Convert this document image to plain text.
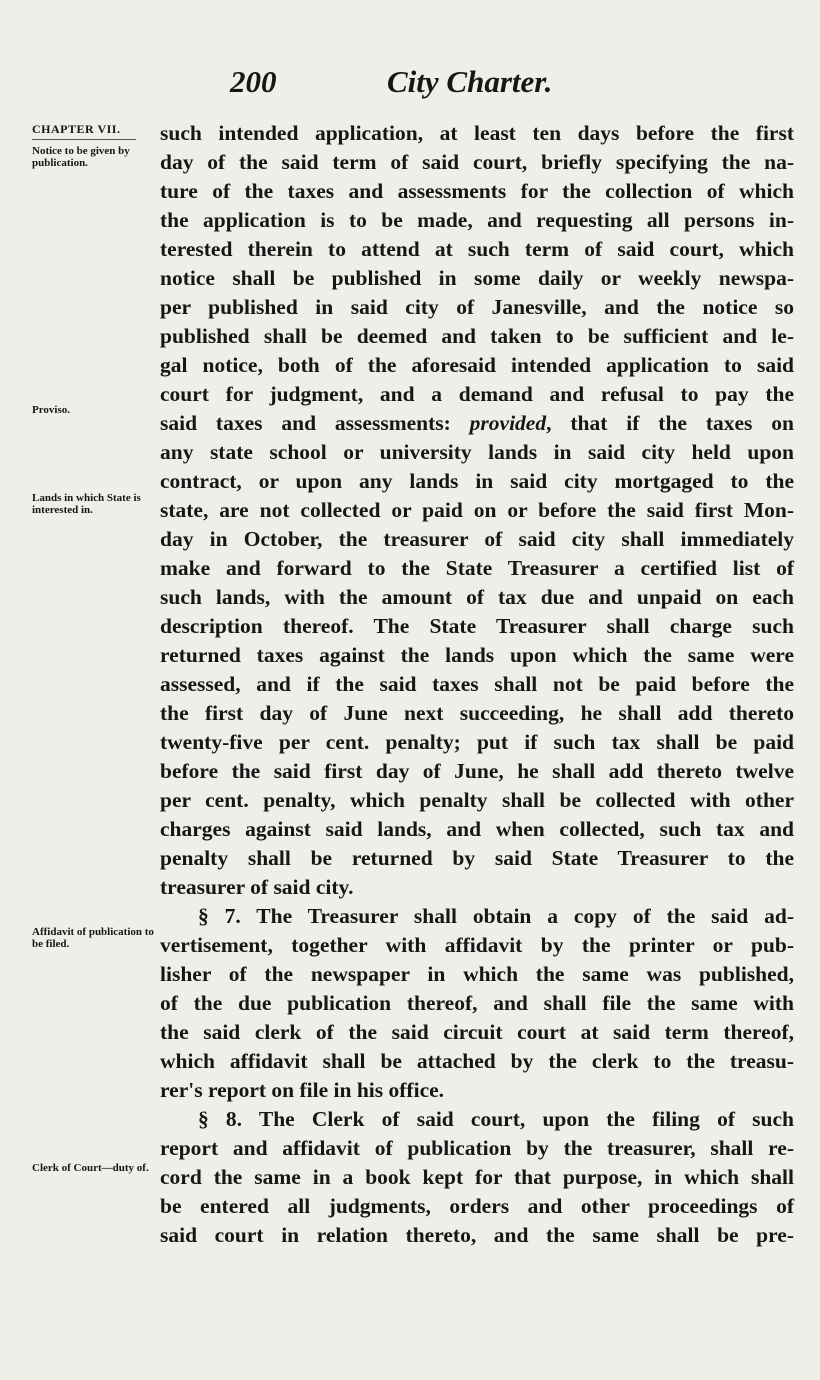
200	City Charter.
CHAPTER VII.
Notice to be given by publication.
Proviso.
Lands in which State is interested in.
Affidavit of publication to be filed.
Clerk of Court—duty of.
such intended application, at least ten days before the first
day of the said term of said court, briefly specifying the na-
ture of the taxes and assessments for the collection of which
the application is to be made, and requesting all persons in-
terested therein to attend at such term of said court, which
notice shall be published in some daily or weekly newspa-
per published in said city of Janesville, and the notice so
published shall be deemed and taken to be sufficient and le-
gal notice, both of the aforesaid intended application to said
court for judgment, and a demand and refusal to pay the
said taxes and assessments: provided, that if the taxes on
any state school or university lands in said city held upon
contract, or upon any lands in said city mortgaged to the
state, are not collected or paid on or before the said first Mon-
day in October, the treasurer of said city shall immediately
make and forward to the State Treasurer a certified list of
such lands, with the amount of tax due and unpaid on each
description thereof. The State Treasurer shall charge such
returned taxes against the lands upon which the same were
assessed, and if the said taxes shall not be paid before the
the first day of June next succeeding, he shall add thereto
twenty-five per cent. penalty; put if such tax shall be paid
before the said first day of June, he shall add thereto twelve
per cent. penalty, which penalty shall be collected with other
charges against said lands, and when collected, such tax and
penalty shall be returned by said State Treasurer to the
treasurer of said city.
§ 7. The Treasurer shall obtain a copy of the said ad-
vertisement, together with affidavit by the printer or pub-
lisher of the newspaper in which the same was published,
of the due publication thereof, and shall file the same with
the said clerk of the said circuit court at said term thereof,
which affidavit shall be attached by the clerk to the treasu-
rer's report on file in his office.
§ 8. The Clerk of said court, upon the filing of such
report and affidavit of publication by the treasurer, shall re-
cord the same in a book kept for that purpose, in which shall
be entered all judgments, orders and other proceedings of
said court in relation thereto, and the same shall be pre-
